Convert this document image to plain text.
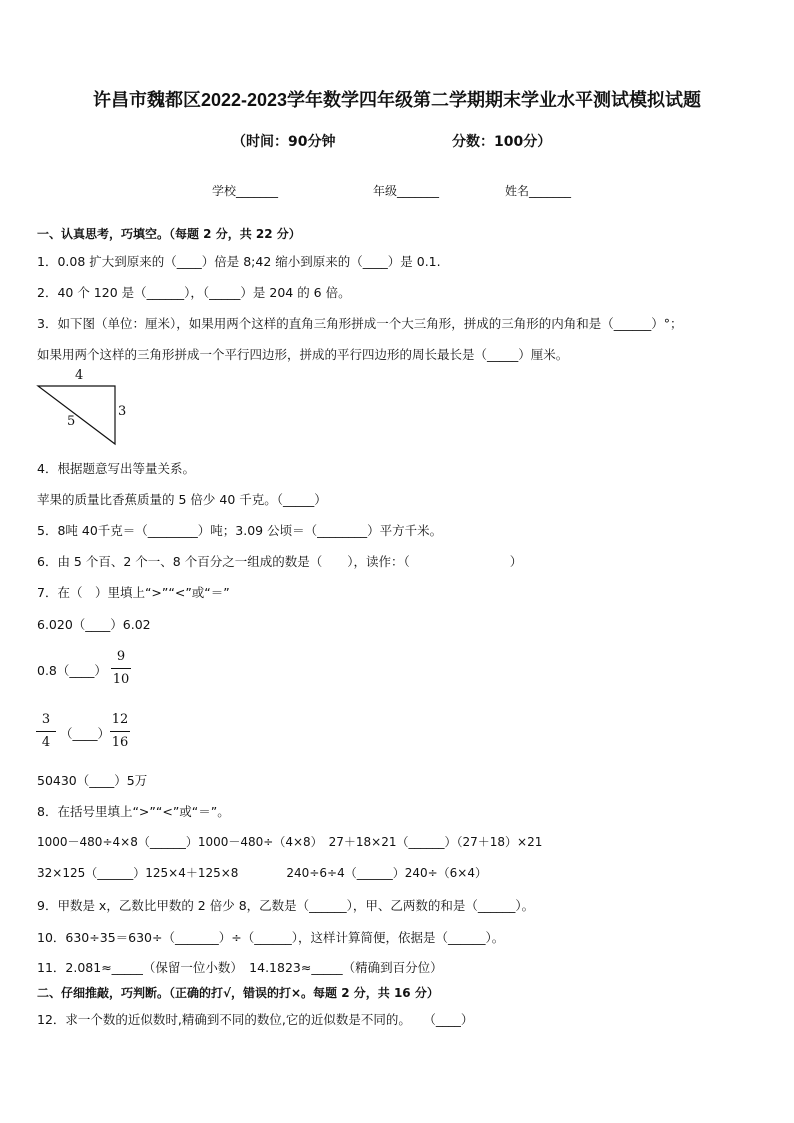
许昌市魏都区2022-2023学年数学四年级第二学期期末学业水平测试模拟试题
（时间：90分钟	分数：100分）
学校_______	年级_______	姓名_______
一、认真思考，巧填空。（每题 2 分，共 22 分）
1．0.08 扩大到原来的（____）倍是 8;42 缩小到原来的（____）是 0.1.
2．40 个 120 是（______），（_____）是 204 的 6 倍。
3．如下图（单位：厘米），如果用两个这样的直角三角形拼成一个大三角形，拼成的三角形的内角和是（______）°；
如果用两个这样的三角形拼成一个平行四边形，拼成的平行四边形的周长最长是（_____）厘米。
4
3
5
4．根据题意写出等量关系。
苹果的质量比香蕉质量的 5 倍少 40 千克。（_____）
5．8吨 40千克＝（________）吨；3.09 公顷＝（________）平方千米。
6．由 5 个百、2 个一、8 个百分之一组成的数是（　　），读作：（　　　　　　　　）
7．在（　）里填上“>”“<”或“＝”
6.020（____）6.02
0.8（____）
9
10
3
4
（____）
12
16
50430（____）5万
8．在括号里填上“>”“<”或“＝”。
1000－480÷4×8（______）1000－480÷（4×8）　27＋18×21（______）（27＋18）×21
32×125（______）125×4＋125×8　　　　240÷6÷4（______）240÷（6×4）
9．甲数是 x，乙数比甲数的 2 倍少 8，乙数是（______），甲、乙两数的和是（______）。
10．630÷35＝630÷（_______）÷（______），这样计算简便，依据是（______）。
11．2.081≈_____（保留一位小数）　14.1823≈_____（精确到百分位）
二、仔细推敲，巧判断。（正确的打√，错误的打×。每题 2 分，共 16 分）
12．求一个数的近似数时,精确到不同的数位,它的近似数是不同的。　　（____）
